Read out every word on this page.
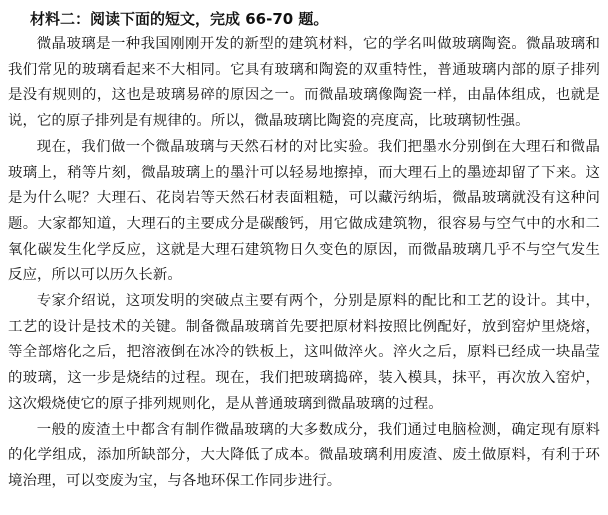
材料二：阅读下面的短文，完成 66-70 题。

微晶玻璃是一种我国刚刚开发的新型的建筑材料，它的学名叫做玻璃陶瓷。微晶玻璃和我们常见的玻璃看起来不大相同。它具有玻璃和陶瓷的双重特性，普通玻璃内部的原子排列是没有规则的，这也是玻璃易碎的原因之一。而微晶玻璃像陶瓷一样，由晶体组成，也就是说，它的原子排列是有规律的。所以，微晶玻璃比陶瓷的亮度高，比玻璃韧性强。

现在，我们做一个微晶玻璃与天然石材的对比实验。我们把墨水分别倒在大理石和微晶玻璃上，稍等片刻，微晶玻璃上的墨汁可以轻易地擦掉，而大理石上的墨迹却留了下来。这是为什么呢？大理石、花岗岩等天然石材表面粗糙，可以藏污纳垢，微晶玻璃就没有这种问题。大家都知道，大理石的主要成分是碳酸钙，用它做成建筑物，很容易与空气中的水和二氧化碳发生化学反应，这就是大理石建筑物日久变色的原因，而微晶玻璃几乎不与空气发生反应，所以可以历久长新。

专家介绍说，这项发明的突破点主要有两个，分别是原料的配比和工艺的设计。其中，工艺的设计是技术的关键。制备微晶玻璃首先要把原材料按照比例配好，放到窑炉里烧熔，等全部熔化之后，把溶液倒在冰冷的铁板上，这叫做淬火。淬火之后，原料已经成一块晶莹的玻璃，这一步是烧结的过程。现在，我们把玻璃捣碎，装入模具，抹平，再次放入窑炉，这次煅烧使它的原子排列规则化，是从普通玻璃到微晶玻璃的过程。

一般的废渣土中都含有制作微晶玻璃的大多数成分，我们通过电脑检测，确定现有原料的化学组成，添加所缺部分，大大降低了成本。微晶玻璃利用废渣、废土做原料，有利于环境治理，可以变废为宝，与各地环保工作同步进行。
